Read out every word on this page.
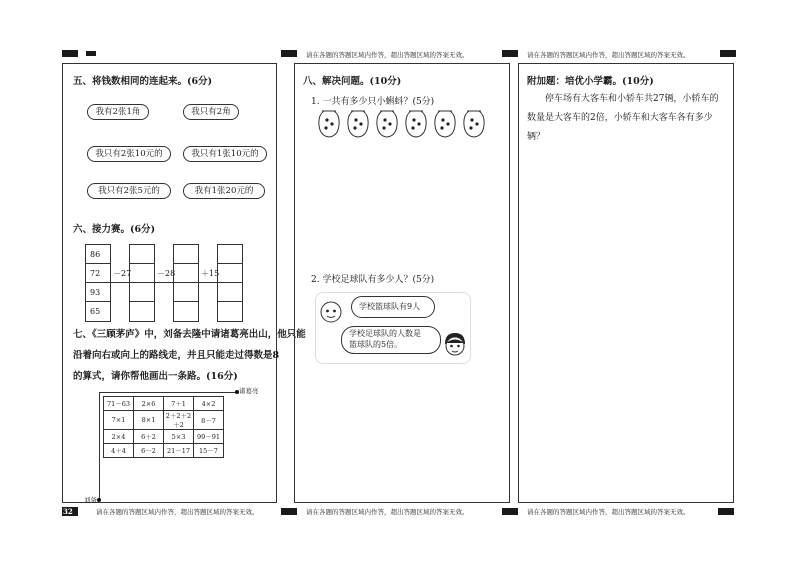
请在各题的答题区域内作答，超出答题区域的答案无效。	请在各题的答题区域内作答，超出答题区域的答案无效。
五、将钱数相同的连起来。(6分)
我有2张1角	我只有2角
我只有2张10元的	我只有1张10元的
我只有2张5元的	我有1张20元的
六、接力赛。(6分)
86
72
93
65
－27	－28	＋15
七、《三顾茅庐》中，刘备去隆中请诸葛亮出山，他只能
沿着向右或向上的路线走，并且只能走过得数是8
的算式，请你帮他画出一条路。(16分)
诸葛亮
刘备
71－63	2×6	7＋1	4×2
7×1	8×1	2＋2＋2＋2	8－7
2×4	6＋2	5×3	99－91
4＋4	6－2	21－17	15－7
八、解决问题。(10分)
1. 一共有多少只小蝌蚪？(5分)
2. 学校足球队有多少人？(5分)
学校篮球队有9人
学校足球队的人数是
篮球队的5倍。
附加题：培优小学霸。(10分)
停车场有大客车和小轿车共27辆，小轿车的数量是大客车的2倍，小轿车和大客车各有多少辆？
32	请在各题的答题区域内作答，超出答题区域的答案无效。	请在各题的答题区域内作答，超出答题区域的答案无效。	请在各题的答题区域内作答，超出答题区域的答案无效。
